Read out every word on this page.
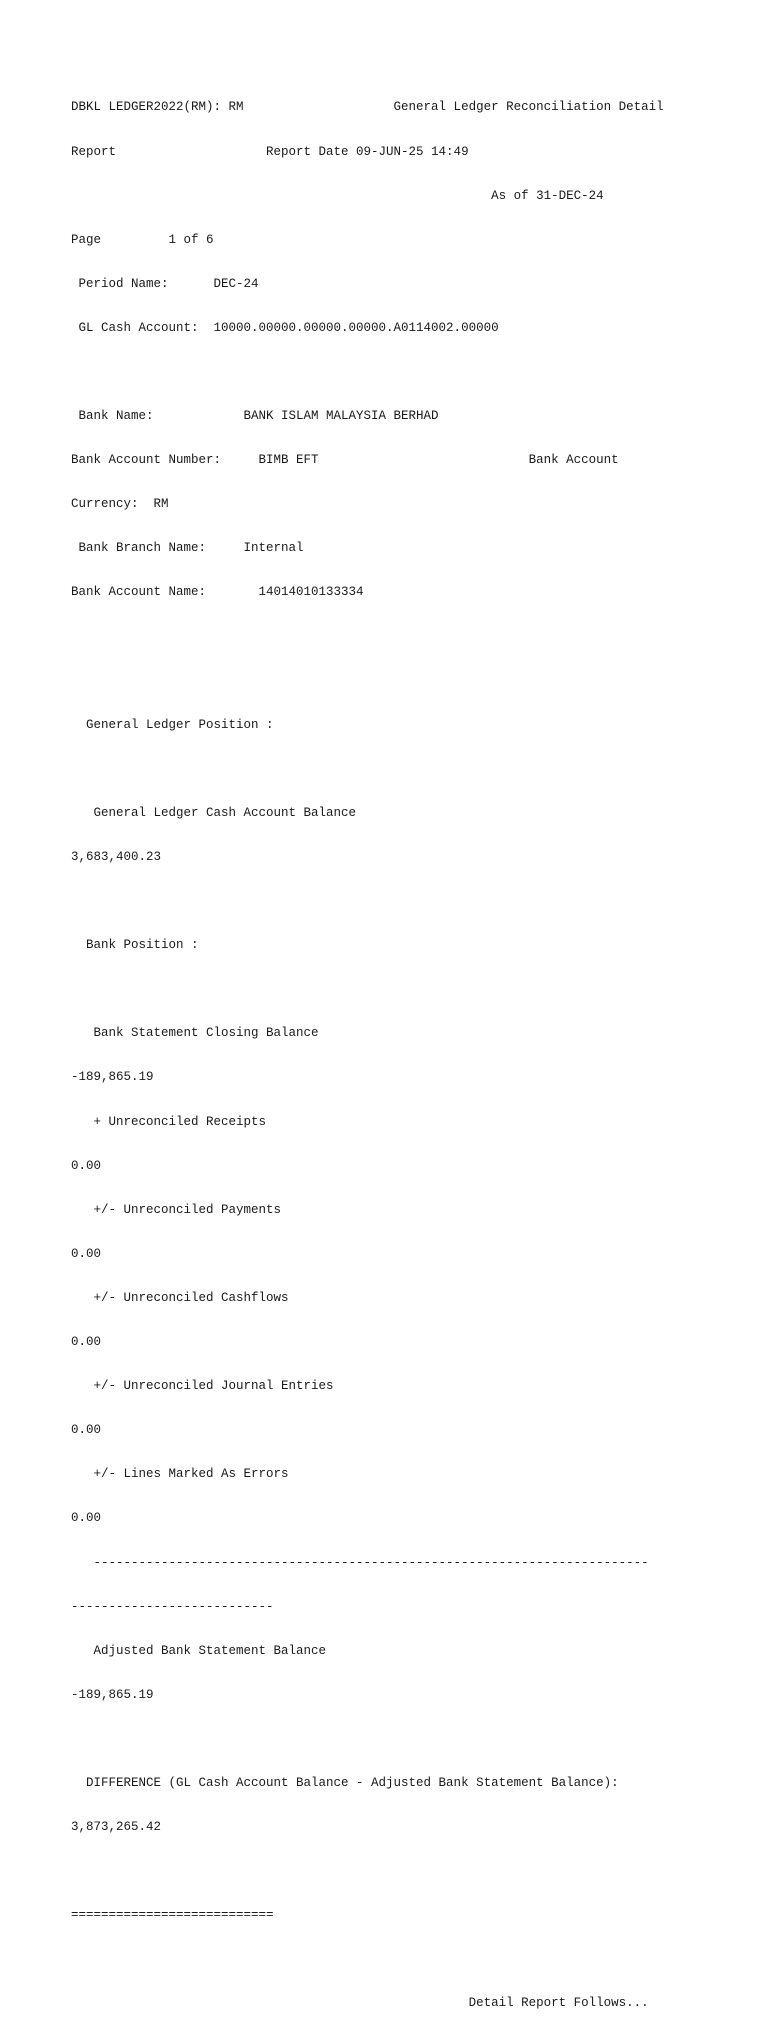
DBKL LEDGER2022(RM): RM                    General Ledger Reconciliation Detail

Report                    Report Date 09-JUN-25 14:49

As of 31-DEC-24

Page         1 of 6

Period Name:      DEC-24

GL Cash Account:  10000.00000.00000.00000.A0114002.00000

Bank Name:            BANK ISLAM MALAYSIA BERHAD

Bank Account Number:     BIMB EFT                            Bank Account

Currency:  RM

Bank Branch Name:     Internal

Bank Account Name:       14014010133334

General Ledger Position :

General Ledger Cash Account Balance

3,683,400.23

Bank Position :

Bank Statement Closing Balance

-189,865.19

+ Unreconciled Receipts

0.00

+/- Unreconciled Payments

0.00

+/- Unreconciled Cashflows

0.00

+/- Unreconciled Journal Entries

0.00

+/- Lines Marked As Errors

0.00

--------------------------------------------------------------------------

---------------------------

Adjusted Bank Statement Balance

-189,865.19

DIFFERENCE (GL Cash Account Balance - Adjusted Bank Statement Balance):

3,873,265.42

===========================

Detail Report Follows...
